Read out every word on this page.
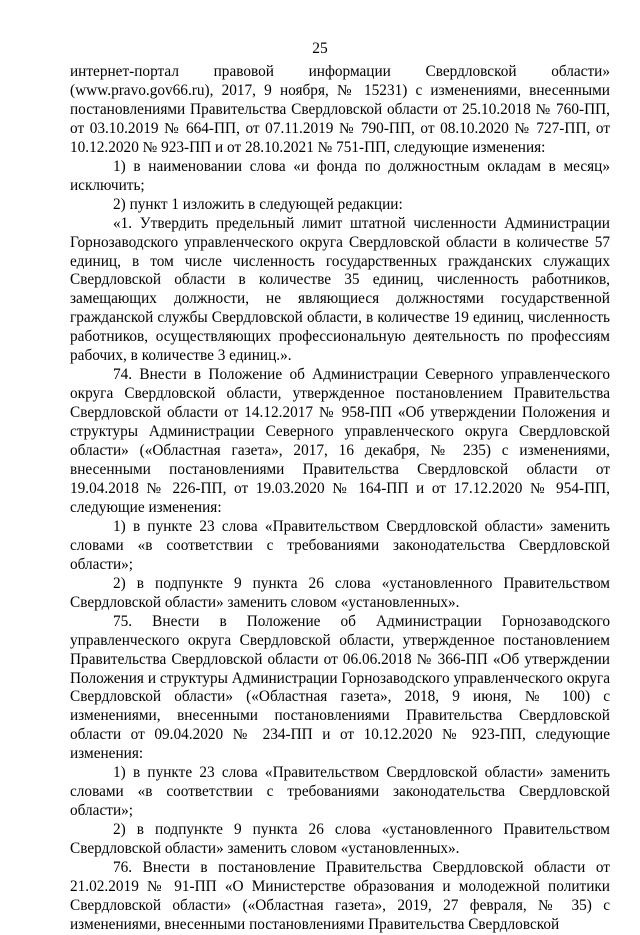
25

интернет-портал правовой информации Свердловской области» (www.pravo.gov66.ru), 2017, 9 ноября, № 15231) с изменениями, внесенными постановлениями Правительства Свердловской области от 25.10.2018 № 760-ПП, от 03.10.2019 № 664-ПП, от 07.11.2019 № 790-ПП, от 08.10.2020 № 727-ПП, от 10.12.2020 № 923-ПП и от 28.10.2021 № 751-ПП, следующие изменения:

1) в наименовании слова «и фонда по должностным окладам в месяц» исключить;

2) пункт 1 изложить в следующей редакции:

«1. Утвердить предельный лимит штатной численности Администрации Горнозаводского управленческого округа Свердловской области в количестве 57 единиц, в том числе численность государственных гражданских служащих Свердловской области в количестве 35 единиц, численность работников, замещающих должности, не являющиеся должностями государственной гражданской службы Свердловской области, в количестве 19 единиц, численность работников, осуществляющих профессиональную деятельность по профессиям рабочих, в количестве 3 единиц.».

74. Внести в Положение об Администрации Северного управленческого округа Свердловской области, утвержденное постановлением Правительства Свердловской области от 14.12.2017 № 958-ПП «Об утверждении Положения и структуры Администрации Северного управленческого округа Свердловской области» («Областная газета», 2017, 16 декабря, № 235) с изменениями, внесенными постановлениями Правительства Свердловской области от 19.04.2018 № 226-ПП, от 19.03.2020 № 164-ПП и от 17.12.2020 № 954-ПП, следующие изменения:

1) в пункте 23 слова «Правительством Свердловской области» заменить словами «в соответствии с требованиями законодательства Свердловской области»;

2) в подпункте 9 пункта 26 слова «установленного Правительством Свердловской области» заменить словом «установленных».

75. Внести в Положение об Администрации Горнозаводского управленческого округа Свердловской области, утвержденное постановлением Правительства Свердловской области от 06.06.2018 № 366-ПП «Об утверждении Положения и структуры Администрации Горнозаводского управленческого округа Свердловской области» («Областная газета», 2018, 9 июня, № 100) с изменениями, внесенными постановлениями Правительства Свердловской области от 09.04.2020 № 234-ПП и от 10.12.2020 № 923-ПП, следующие изменения:

1) в пункте 23 слова «Правительством Свердловской области» заменить словами «в соответствии с требованиями законодательства Свердловской области»;

2) в подпункте 9 пункта 26 слова «установленного Правительством Свердловской области» заменить словом «установленных».

76. Внести в постановление Правительства Свердловской области от 21.02.2019 № 91-ПП «О Министерстве образования и молодежной политики Свердловской области» («Областная газета», 2019, 27 февраля, № 35) с изменениями, внесенными постановлениями Правительства Свердловской
